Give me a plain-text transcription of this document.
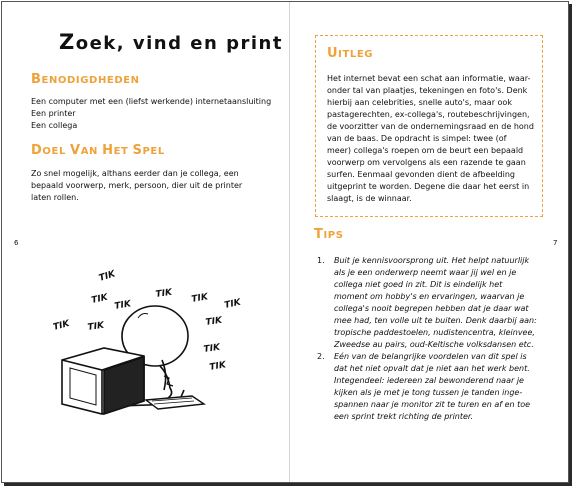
Zoek, vind en print
BENODIGDHEDEN
Een computer met een (liefst werkende) internetaansluiting
Een printer
Een collega
DOEL VAN HET SPEL
Zo snel mogelijk, althans eerder dan je collega, een
bepaald voorwerp, merk, persoon, dier uit de printer
laten rollen.
6
TIK
TIK TIK
TIK
TIK TIK
TIK TIK
TIK
TIK
TIK
UITLEG
Het internet bevat een schat aan informatie, waar-
onder tal van plaatjes, tekeningen en foto's. Denk
hierbij aan celebrities, snelle auto's, maar ook
pastagerechten, ex-collega's, routebeschrijvingen,
de voorzitter van de ondernemingsraad en de hond
van de baas. De opdracht is simpel: twee (of
meer) collega's roepen om de beurt een bepaald
voorwerp om vervolgens als een razende te gaan
surfen. Eenmaal gevonden dient de afbeelding
uitgeprint te worden. Degene die daar het eerst in
slaagt, is de winnaar.
TIPS
1. Buit je kennisvoorsprong uit. Het helpt natuurlijk
als je een onderwerp neemt waar jij wel en je
collega niet goed in zit. Dit is eindelijk het
moment om hobby's en ervaringen, waarvan je
collega's nooit begrepen hebben dat je daar wat
mee had, ten volle uit te buiten. Denk daarbij aan:
tropische paddestoelen, nudistencentra, kleinvee,
Zweedse au pairs, oud-Keltische volksdansen etc.
2. Eén van de belangrijke voordelen van dit spel is
dat het niet opvalt dat je niet aan het werk bent.
Integendeel: iedereen zal bewonderend naar je
kijken als je met je tong tussen je tanden inge-
spannen naar je monitor zit te turen en af en toe
een sprint trekt richting de printer.
7
